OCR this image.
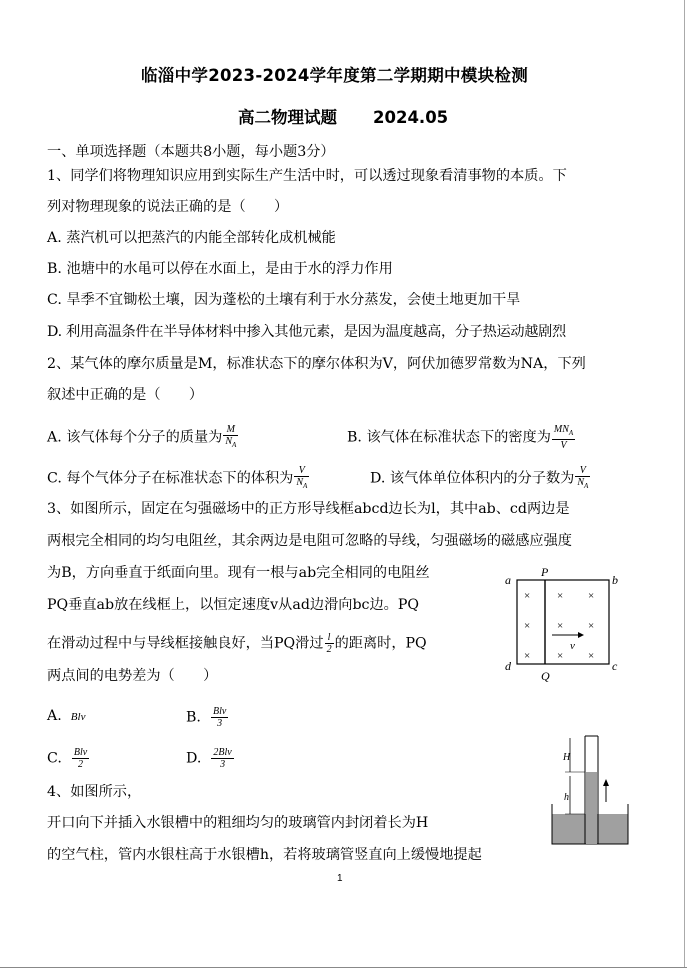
临淄中学2023-2024学年度第二学期期中模块检测
高二物理试题 2024.05
一、单项选择题（本题共8小题，每小题3分）
1、同学们将物理知识应用到实际生产生活中时，可以透过现象看清事物的本质。下
列对物理现象的说法正确的是（　　）
A. 蒸汽机可以把蒸汽的内能全部转化成机械能
B. 池塘中的水黾可以停在水面上，是由于水的浮力作用
C. 旱季不宜锄松土壤，因为蓬松的土壤有利于水分蒸发，会使土地更加干旱
D. 利用高温条件在半导体材料中掺入其他元素，是因为温度越高，分子热运动越剧烈
2、某气体的摩尔质量是M，标准状态下的摩尔体积为V，阿伏加德罗常数为NA，下列
叙述中正确的是（　　）
A. 该气体每个分子的质量为 $\frac{M}{N_A}$	B. 该气体在标准状态下的密度为 $\frac{MN_A}{V}$
C. 每个气体分子在标准状态下的体积为 $\frac{V}{N_A}$	D. 该气体单位体积内的分子数为 $\frac{V}{N_A}$
3、如图所示，固定在匀强磁场中的正方形导线框abcd边长为l，其中ab、cd两边是
两根完全相同的均匀电阻丝，其余两边是电阻可忽略的导线，匀强磁场的磁感应强度
为B，方向垂直于纸面向里。现有一根与ab完全相同的电阻丝
PQ垂直ab放在线框上，以恒定速度v从ad边滑向bc边。PQ
在滑动过程中与导线框接触良好，当PQ滑过 $\frac{l}{2}$ 的距离时，PQ
两点间的电势差为（　　）
A. Blv	B. $\frac{\text{Blv}}{3}$
C. $\frac{\text{Blv}}{2}$	D. $\frac{\text{2Blv}}{3}$
a	b
c
d
P
Q
× × ×
× × ×
× × ×
v
4、如图所示，
开口向下并插入水银槽中的粗细均匀的玻璃管内封闭着长为H
的空气柱，管内水银柱高于水银槽h，若将玻璃管竖直向上缓慢地提起
H
h
1
